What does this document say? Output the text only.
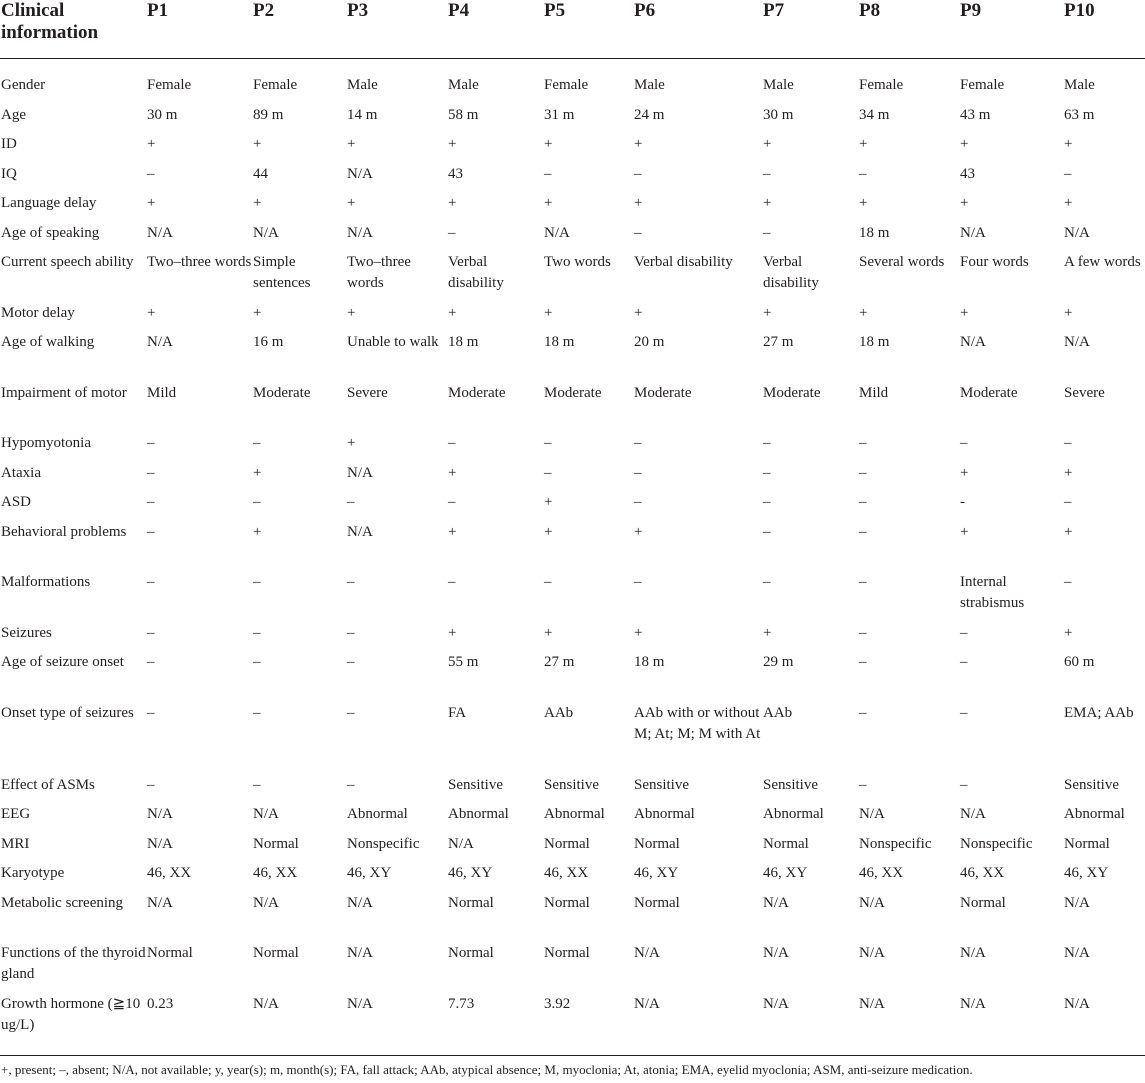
Clinical information	P1	P2	P3	P4	P5	P6	P7	P8	P9	P10

Gender	Female	Female	Male	Male	Female	Male	Male	Female	Female	Male
Age	30 m	89 m	14 m	58 m	31 m	24 m	30 m	34 m	43 m	63 m
ID	+	+	+	+	+	+	+	+	+	+
IQ	–	44	N/A	43	–	–	–	–	43	–
Language delay	+	+	+	+	+	+	+	+	+	+
Age of speaking	N/A	N/A	N/A	–	N/A	–	–	18 m	N/A	N/A
Current speech ability	Two–three words	Simple sentences	Two–three words	Verbal disability	Two words	Verbal disability	Verbal disability	Several words	Four words	A few words
Motor delay	+	+	+	+	+	+	+	+	+	+
Age of walking	N/A	16 m	Unable to walk	18 m	18 m	20 m	27 m	18 m	N/A	N/A
Impairment of motor	Mild	Moderate	Severe	Moderate	Moderate	Moderate	Moderate	Mild	Moderate	Severe
Hypomyotonia	–	–	+	–	–	–	–	–	–	–
Ataxia	–	+	N/A	+	–	–	–	–	+	+
ASD	–	–	–	–	+	–	–	–	-	–
Behavioral problems	–	+	N/A	+	+	+	–	–	+	+
Malformations	–	–	–	–	–	–	–	–	Internal strabismus	–
Seizures	–	–	–	+	+	+	+	–	–	+
Age of seizure onset	–	–	–	55 m	27 m	18 m	29 m	–	–	60 m
Onset type of seizures	–	–	–	FA	AAb	AAb with or without M; At; M; M with At	AAb	–	–	EMA; AAb
Effect of ASMs	–	–	–	Sensitive	Sensitive	Sensitive	Sensitive	–	–	Sensitive
EEG	N/A	N/A	Abnormal	Abnormal	Abnormal	Abnormal	Abnormal	N/A	N/A	Abnormal
MRI	N/A	Normal	Nonspecific	N/A	Normal	Normal	Normal	Nonspecific	Nonspecific	Normal
Karyotype	46, XX	46, XX	46, XY	46, XY	46, XX	46, XY	46, XY	46, XX	46, XX	46, XY
Metabolic screening	N/A	N/A	N/A	Normal	Normal	Normal	N/A	N/A	Normal	N/A
Functions of the thyroid gland	Normal	Normal	N/A	Normal	Normal	N/A	N/A	N/A	N/A	N/A
Growth hormone (≧10 ug/L)	0.23	N/A	N/A	7.73	3.92	N/A	N/A	N/A	N/A	N/A
+, present; –, absent; N/A, not available; y, year(s); m, month(s); FA, fall attack; AAb, atypical absence; M, myoclonia; At, atonia; EMA, eyelid myoclonia; ASM, anti-seizure medication.
